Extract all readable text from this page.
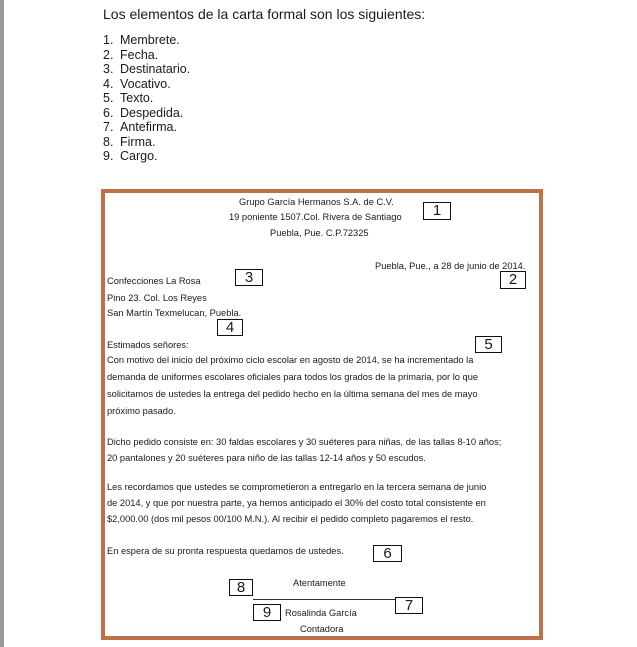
Los elementos de la carta formal son los siguientes:
1. Membrete.
2. Fecha.
3. Destinatario.
4. Vocativo.
5. Texto.
6. Despedida.
7. Antefirma.
8. Firma.
9. Cargo.
Grupo García Hermanos S.A. de C.V.
19 poniente 1507.Col. Rivera de Santiago
Puebla, Pue. C.P.72325
Puebla, Pue., a 28 de junio de 2014.
Confecciones La Rosa
Pino 23. Col. Los Reyes
San Martín Texmelucan, Puebla.
Estimados señores:
Con motivo del inicio del próximo ciclo escolar en agosto de 2014, se ha incrementado la
demanda de uniformes escolares oficiales para todos los grados de la primaria, por lo que
solicitamos de ustedes la entrega del pedido hecho en la última semana del mes de mayo
próximo pasado.
Dicho pedido consiste en: 30 faldas escolares y 30 suéteres para niñas, de las tallas 8-10 años;
20 pantalones y 20 suéteres para niño de las tallas 12-14 años y 50 escudos.
Les recordamos que ustedes se comprometieron a entregarlo en la tercera semana de junio
de 2014, y que por nuestra parte, ya hemos anticipado el 30% del costo total consistente en
$2,000.00 (dos mil pesos 00/100 M.N.). Al recibir el pedido completo pagaremos el resto.
En espera de su pronta respuesta quedamos de ustedes.
Atentamente
Rosalinda García
Contadora
1
2
3
4
5
6
7
8
9
